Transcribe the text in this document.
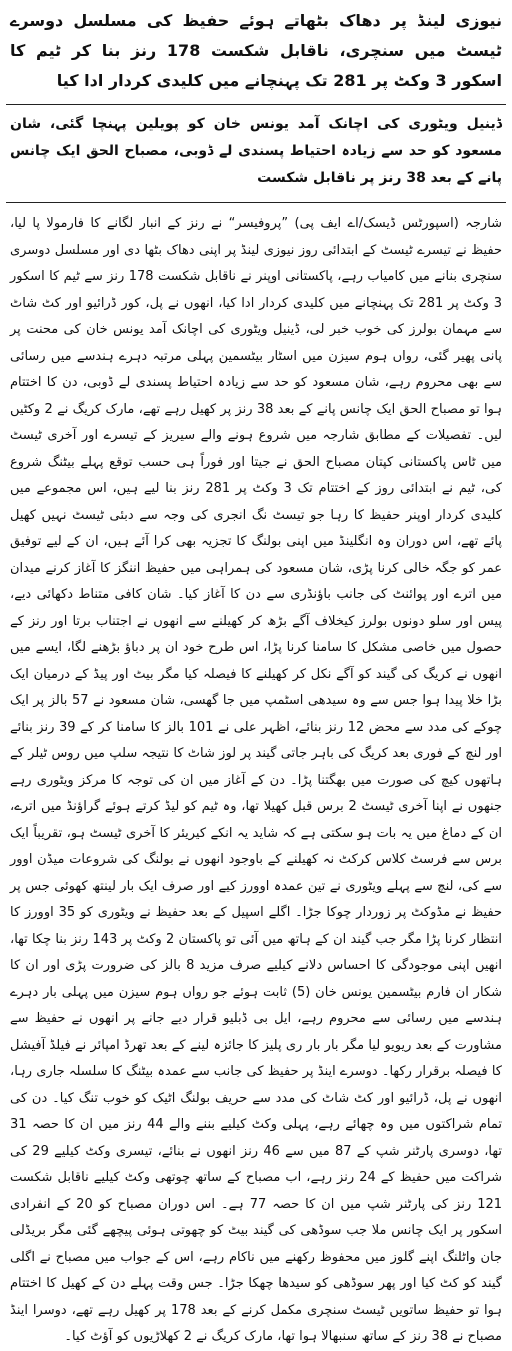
نیوزی لینڈ پر دھاک بٹھاتے ہوئے حفیظ کی مسلسل دوسرے ٹیسٹ میں سنچری، ناقابل شکست 178 رنز بنا کر ٹیم کا اسکور 3 وکٹ پر 281 تک پہنچانے میں کلیدی کردار ادا کیا
ڈینیل ویٹوری کی اچانک آمد یونس خان کو پویلین پہنچا گئی، شان مسعود کو حد سے زیادہ احتیاط پسندی لے ڈوبی، مصباح الحق ایک چانس پانے کے بعد 38 رنز پر ناقابل شکست

شارجہ (اسپورٹس ڈیسک/اے ایف پی) ”پروفیسر“ نے رنز کے انبار لگانے کا فارمولا پا لیا، حفیظ نے تیسرے ٹیسٹ کے ابتدائی روز نیوزی لینڈ پر اپنی دھاک بٹھا دی اور مسلسل دوسری سنچری بنانے میں کامیاب رہے، پاکستانی اوپنر نے ناقابل شکست 178 رنز سے ٹیم کا اسکور 3 وکٹ پر 281 تک پہنچانے میں کلیدی کردار ادا کیا، انھوں نے پل، کور ڈرائیو اور کٹ شاٹ سے مہمان بولرز کی خوب خبر لی، ڈینیل ویٹوری کی اچانک آمد یونس خان کی محنت پر پانی پھیر گئی، رواں ہوم سیزن میں اسٹار بیٹسمین پہلی مرتبہ دہرے ہندسے میں رسائی سے بھی محروم رہے، شان مسعود کو حد سے زیادہ احتیاط پسندی لے ڈوبی، دن کا اختتام ہوا تو مصباح الحق ایک چانس پانے کے بعد 38 رنز پر کھیل رہے تھے، مارک کریگ نے 2 وکٹیں لیں۔ تفصیلات کے مطابق شارجہ میں شروع ہونے والے سیریز کے تیسرے اور آخری ٹیسٹ میں ٹاس پاکستانی کپتان مصباح الحق نے جیتا اور فوراً ہی حسب توقع پہلے بیٹنگ شروع کی، ٹیم نے ابتدائی روز کے اختتام تک 3 وکٹ پر 281 رنز بنا لیے ہیں، اس مجموعے میں کلیدی کردار اوپنر حفیظ کا رہا جو تیسٹ نگ انجری کی وجہ سے دبئی ٹیسٹ نہیں کھیل پائے تھے، اس دوران وہ انگلینڈ میں اپنی بولنگ کا تجزیہ بھی کرا آئے ہیں، ان کے لیے توفیق عمر کو جگہ خالی کرنا پڑی، شان مسعود کی ہمراہی میں حفیظ اننگز کا آغاز کرنے میدان میں اترے اور پوائنٹ کی جانب باؤنڈری سے دن کا آغاز کیا۔ شان کافی متناط دکھائی دیے، پیس اور سلو دونوں بولرز کیخلاف آگے بڑھ کر کھیلنے سے انھوں نے اجتناب برتا اور رنز کے حصول میں خاصی مشکل کا سامنا کرنا پڑا، اس طرح خود ان پر دباؤ بڑھنے لگا، ایسے میں انھوں نے کریگ کی گیند کو آگے نکل کر کھیلنے کا فیصلہ کیا مگر بیٹ اور پیڈ کے درمیان ایک بڑا خلا پیدا ہوا جس سے وہ سیدھی اسٹمپ میں جا گھسی، شان مسعود نے 57 بالز پر ایک چوکے کی مدد سے محض 12 رنز بنائے، اظہر علی نے 101 بالز کا سامنا کر کے 39 رنز بنائے اور لنچ کے فوری بعد کریگ کی باہر جاتی گیند پر لوز شاٹ کا نتیجہ سلپ میں روس ٹیلر کے ہاتھوں کیچ کی صورت میں بھگتنا پڑا۔ دن کے آغاز میں ان کی توجہ کا مرکز ویٹوری رہے جنھوں نے اپنا آخری ٹیسٹ 2 برس قبل کھیلا تھا، وہ ٹیم کو لیڈ کرتے ہوئے گراؤنڈ میں اترے، ان کے دماغ میں یہ بات ہو سکتی ہے کہ شاید یہ انکے کیریئر کا آخری ٹیسٹ ہو، تقریباً ایک برس سے فرسٹ کلاس کرکٹ نہ کھیلنے کے باوجود انھوں نے بولنگ کی شروعات میڈن اوور سے کی، لنچ سے پہلے ویٹوری نے تین عمدہ اوورز کیے اور صرف ایک بار لینتھ کھوئی جس پر حفیظ نے مڈوکٹ پر زوردار چوکا جڑا۔ اگلے اسپیل کے بعد حفیظ نے ویٹوری کو 35 اوورز کا انتظار کرنا پڑا مگر جب گیند ان کے ہاتھ میں آئی تو پاکستان 2 وکٹ پر 143 رنز بنا چکا تھا، انھیں اپنی موجودگی کا احساس دلانے کیلیے صرف مزید 8 بالز کی ضرورت پڑی اور ان کا شکار ان فارم بیٹسمین یونس خان (5) ثابت ہوئے جو رواں ہوم سیزن میں پہلی بار دہرے ہندسے میں رسائی سے محروم رہے، ایل بی ڈبلیو قرار دیے جانے پر انھوں نے حفیظ سے مشاورت کے بعد ریویو لیا مگر بار بار ری پلیز کا جائزہ لینے کے بعد تھرڈ امپائر نے فیلڈ آفیشل کا فیصلہ برقرار رکھا۔ دوسرے اینڈ پر حفیظ کی جانب سے عمدہ بیٹنگ کا سلسلہ جاری رہا، انھوں نے پل، ڈرائیو اور کٹ شاٹ کی مدد سے حریف بولنگ اٹیک کو خوب تنگ کیا۔ دن کی تمام شراکتوں میں وہ چھائے رہے، پہلی وکٹ کیلیے بننے والے 44 رنز میں ان کا حصہ 31 تھا، دوسری پارٹنر شپ کے 87 میں سے 46 رنز انھوں نے بنائے، تیسری وکٹ کیلیے 29 کی شراکت میں حفیظ کے 24 رنز رہے، اب مصباح کے ساتھ چوتھی وکٹ کیلیے ناقابل شکست 121 رنز کی پارٹنر شپ میں ان کا حصہ 77 ہے۔ اس دوران مصباح کو 20 کے انفرادی اسکور پر ایک چانس ملا جب سوڈھی کی گیند بیٹ کو چھوتی ہوئی پیچھے گئی مگر بریڈلی جان واٹلنگ اپنے گلوز میں محفوظ رکھنے میں ناکام رہے، اس کے جواب میں مصباح نے اگلی گیند کو کٹ کیا اور پھر سوڈھی کو سیدھا چھکا جڑا۔ جس وقت پہلے دن کے کھیل کا اختتام ہوا تو حفیظ ساتویں ٹیسٹ سنچری مکمل کرنے کے بعد 178 پر کھیل رہے تھے، دوسرا اینڈ مصباح نے 38 رنز کے ساتھ سنبھالا ہوا تھا، مارک کریگ نے 2 کھلاڑیوں کو آؤٹ کیا۔
